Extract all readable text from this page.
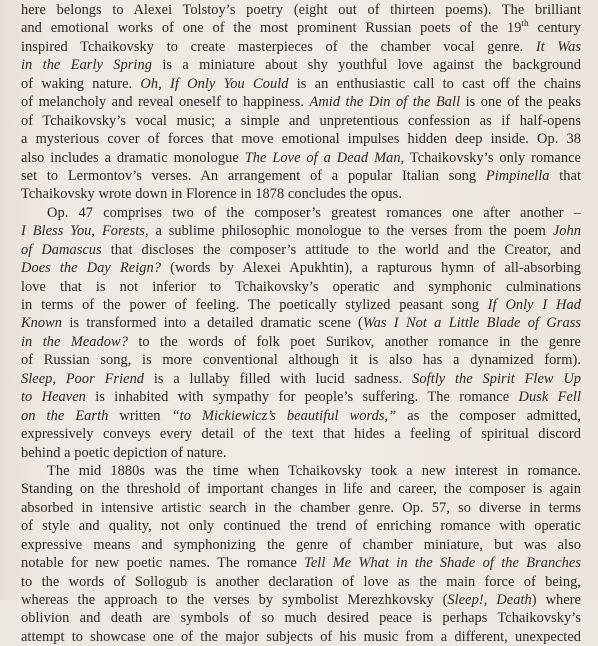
here belongs to Alexei Tolstoy’s poetry (eight out of thirteen poems). The brilliant
and emotional works of one of the most prominent Russian poets of the 19th century
inspired Tchaikovsky to create masterpieces of the chamber vocal genre. It Was
in the Early Spring is a miniature about shy youthful love against the background
of waking nature. Oh, If Only You Could is an enthusiastic call to cast off the chains
of melancholy and reveal oneself to happiness. Amid the Din of the Ball is one of the peaks
of Tchaikovsky’s vocal music; a simple and unpretentious confession as if half-opens
a mysterious cover of forces that move emotional impulses hidden deep inside. Op. 38
also includes a dramatic monologue The Love of a Dead Man, Tchaikovsky’s only romance
set to Lermontov’s verses. An arrangement of a popular Italian song Pimpinella that
Tchaikovsky wrote down in Florence in 1878 concludes the opus.
Op. 47 comprises two of the composer’s greatest romances one after another –
I Bless You, Forests, a sublime philosophic monologue to the verses from the poem John
of Damascus that discloses the composer’s attitude to the world and the Creator, and
Does the Day Reign? (words by Alexei Apukhtin), a rapturous hymn of all-absorbing
love that is not inferior to Tchaikovsky’s operatic and symphonic culminations
in terms of the power of feeling. The poetically stylized peasant song If Only I Had
Known is transformed into a detailed dramatic scene (Was I Not a Little Blade of Grass
in the Meadow? to the words of folk poet Surikov, another romance in the genre
of Russian song, is more conventional although it is also has a dynamized form).
Sleep, Poor Friend is a lullaby filled with lucid sadness. Softly the Spirit Flew Up
to Heaven is inhabited with sympathy for people’s suffering. The romance Dusk Fell
on the Earth written “to Mickiewicz’s beautiful words,” as the composer admitted,
expressively conveys every detail of the text that hides a feeling of spiritual discord
behind a poetic depiction of nature.
The mid 1880s was the time when Tchaikovsky took a new interest in romance.
Standing on the threshold of important changes in life and career, the composer is again
absorbed in intensive artistic search in the chamber genre. Op. 57, so diverse in terms
of style and quality, not only continued the trend of enriching romance with operatic
expressive means and symphonizing the genre of chamber miniature, but was also
notable for new poetic names. The romance Tell Me What in the Shade of the Branches
to the words of Sollogub is another declaration of love as the main force of being,
whereas the approach to the verses by symbolist Merezhkovsky (Sleep!, Death) where
oblivion and death are symbols of so much desired peace is perhaps Tchaikovsky’s
attempt to showcase one of the major subjects of his music from a different, unexpected
